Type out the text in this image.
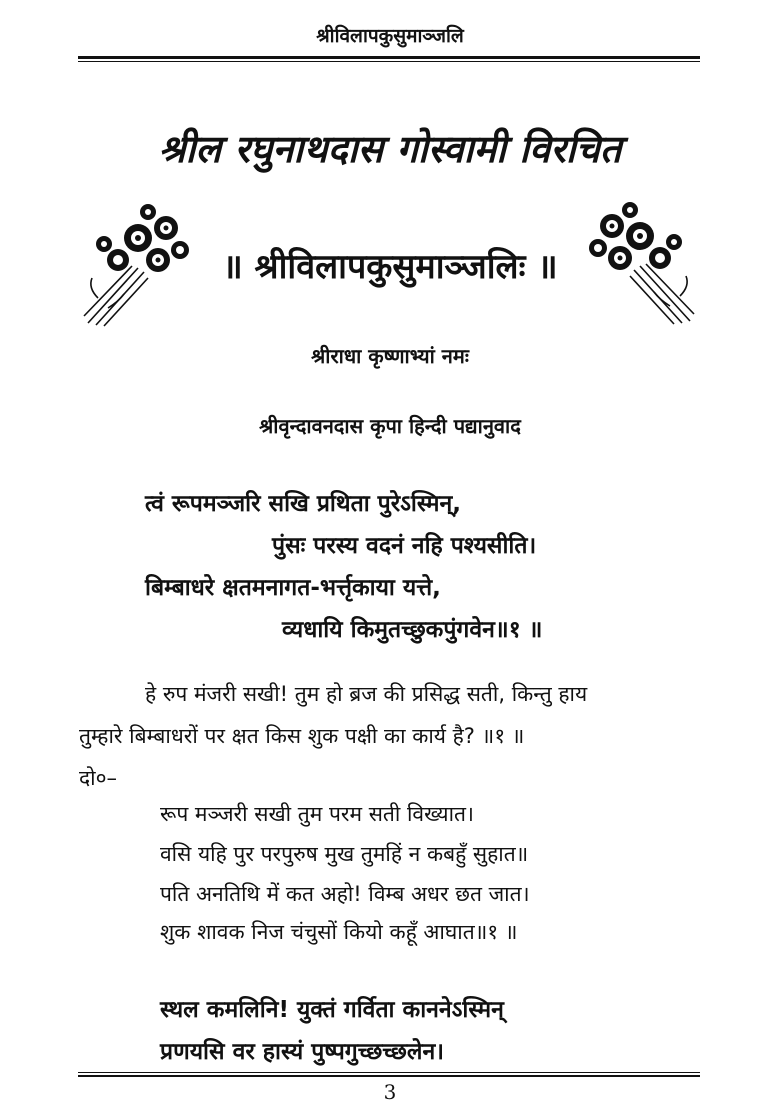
श्रीविलापकुसुमाञ्जलि
श्रील रघुनाथदास गोस्वामी विरचित
॥ श्रीविलापकुसुमाञ्जलिः ॥
श्रीराधा कृष्णाभ्यां नमः
श्रीवृन्दावनदास कृपा हिन्दी पद्यानुवाद
त्वं रूपमञ्जरि सखि प्रथिता पुरेऽस्मिन्,
पुंसः परस्य वदनं नहि पश्यसीति।
बिम्बाधरे क्षतमनागत-भर्त्तृकाया यत्ते,
व्यधायि किमुतच्छुकपुंगवेन॥१ ॥
हे रुप मंजरी सखी! तुम हो ब्रज की प्रसिद्ध सती, किन्तु हाय
तुम्हारे बिम्बाधरों पर क्षत किस शुक पक्षी का कार्य है? ॥१ ॥
दो०–
रूप मञ्जरी सखी तुम परम सती विख्यात।
वसि यहि पुर परपुरुष मुख तुमहिं न कबहुँ सुहात॥
पति अनतिथि में कत अहो! विम्ब अधर छत जात।
शुक शावक निज चंचुसों कियो कहूँ आघात॥१ ॥
स्थल कमलिनि! युक्तं गर्विता काननेऽस्मिन्
प्रणयसि वर हास्यं पुष्पगुच्छच्छलेन।
3
